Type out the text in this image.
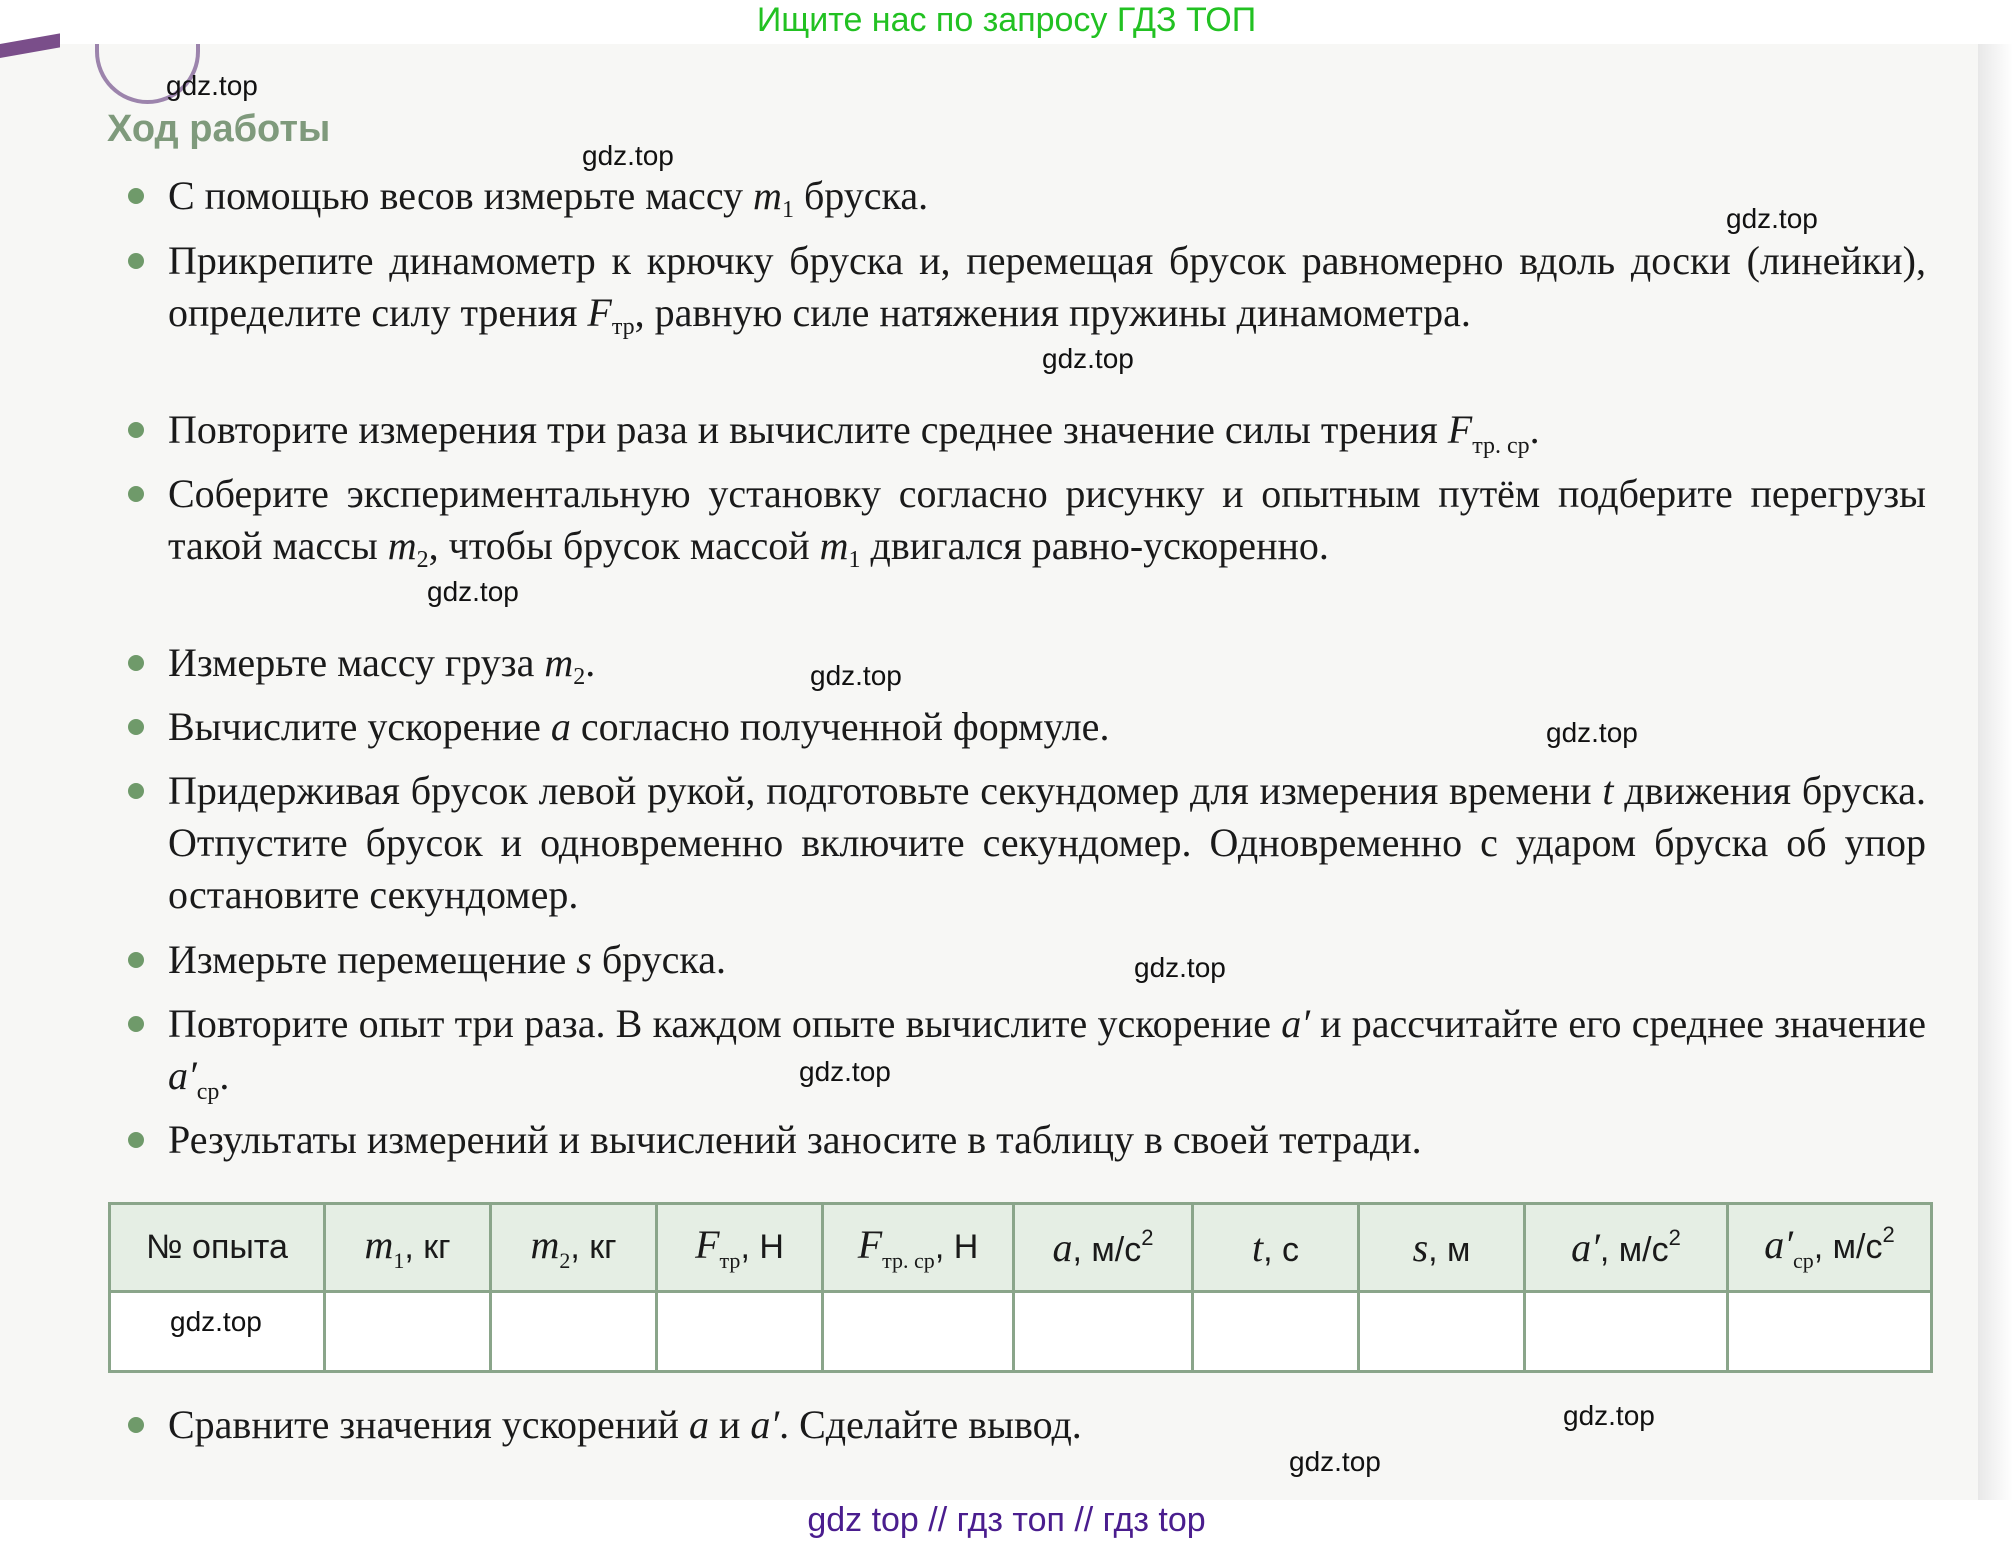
Ищите нас по запросу ГДЗ ТОП
Ход работы
С помощью весов измерьте массу $m_1$ бруска.
Прикрепите динамометр к крючку бруска и, перемещая брусок равномерно вдоль доски (линейки), определите силу трения $F_{тр}$, равную силе натяжения пружины динамометра.
Повторите измерения три раза и вычислите среднее значение силы трения $F_{тр. ср}$.
Соберите экспериментальную установку согласно рисунку и опытным путём подберите перегрузы такой массы $m_2$, чтобы брусок массой $m_1$ двигался равно-ускоренно.
Измерьте массу груза $m_2$.
Вычислите ускорение a согласно полученной формуле.
Придерживая брусок левой рукой, подготовьте секундомер для измерения времени t движения бруска. Отпустите брусок и одновременно включите секундомер. Одновременно с ударом бруска об упор остановите секундомер.
Измерьте перемещение s бруска.
Повторите опыт три раза. В каждом опыте вычислите ускорение a′ и рассчитайте его среднее значение $a'_{ср}$.
Результаты измерений и вычислений заносите в таблицу в своей тетради.
Сравните значения ускорений a и a′. Сделайте вывод.
№ опыта	$m_1$, кг	$m_2$, кг	$F_{тр}$, Н	$F_{тр. ср}$, Н	a, $м/с^2$	t, с	s, м	a′, $м/с^2$	$a'_{ср}$, $м/с^2$

gdz.top
gdz.top
gdz.top
gdz.top
gdz.top
gdz.top
gdz.top
gdz.top
gdz.top
gdz.top
gdz.top
gdz.top
gdz top // гдз топ // гдз top
